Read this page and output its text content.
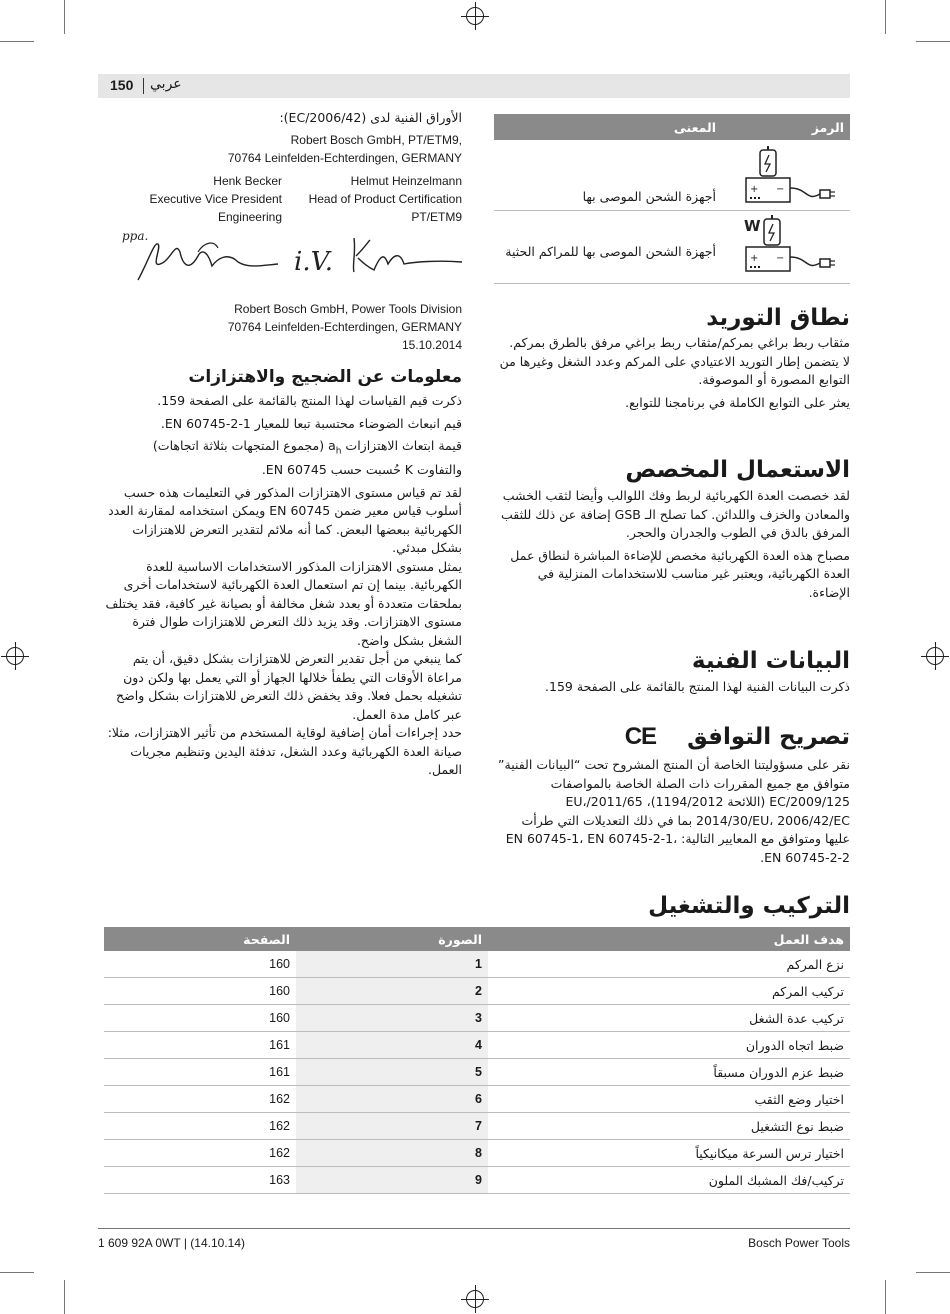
150 عربي
الأوراق الفنية لدى (2006/42/EC):
Robert Bosch GmbH, PT/ETM9,
70764 Leinfelden-Echterdingen, GERMANY
Henk Becker
Executive Vice President
Engineering
Helmut Heinzelmann
Head of Product Certification
PT/ETM9
ppa.
i.V.
Robert Bosch GmbH, Power Tools Division
70764 Leinfelden-Echterdingen, GERMANY
15.10.2014
معلومات عن الضجيج والاهتزازات
ذكرت قيم القياسات لهذا المنتج بالقائمة على الصفحة 159.
قيم انبعاث الضوضاء محتسبة تبعا للمعيار EN 60745-2-1.
قيمة ابتعاث الاهتزازات $a_h$ (مجموع المتجهات بثلاثة اتجاهات) والتفاوت K حُسبت حسب EN 60745.
لقد تم قياس مستوى الاهتزازات المذكور في التعليمات هذه حسب أسلوب قياس معير ضمن EN 60745 ويمكن استخدامه لمقارنة العدد الكهربائية ببعضها البعض. كما أنه ملائم لتقدير التعرض للاهتزازات بشكل مبدئي.
يمثل مستوى الاهتزازات المذكور الاستخدامات الاساسية للعدة الكهربائية. بينما إن تم استعمال العدة الكهربائية لاستخدامات أخرى بملحقات متعددة أو بعدد شغل مخالفة أو بصيانة غير كافية، فقد يختلف مستوى الاهتزازات. وقد يزيد ذلك التعرض للاهتزازات طوال فترة الشغل بشكل واضح.
كما ينبغي من أجل تقدير التعرض للاهتزازات بشكل دقيق، أن يتم مراعاة الأوقات التي يطفأ خلالها الجهاز أو التي يعمل بها ولكن دون تشغيله بحمل فعلا. وقد يخفض ذلك التعرض للاهتزازات بشكل واضح عبر كامل مدة العمل.
حدد إجراءات أمان إضافية لوقاية المستخدم من تأثير الاهتزازات، مثلا: صيانة العدة الكهربائية وعدد الشغل، تدفئة اليدين وتنظيم مجريات العمل.
الرمز
المعنى
+ −
أجهزة الشحن الموصى بها
W
+ −
أجهزة الشحن الموصى بها للمراكم الحثية
نطاق التوريد
مثقاب ربط براغي بمركم/مثقاب ربط براغي مرفق بالطرق بمركم.
لا يتضمن إطار التوريد الاعتيادي على المركم وعدد الشغل وغيرها من التوابع المصورة أو الموصوفة.
يعثر على التوابع الكاملة في برنامجنا للتوابع.
الاستعمال المخصص
لقد خصصت العدة الكهربائية لربط وفك اللوالب وأيضا لثقب الخشب والمعادن والخزف واللدائن. كما تصلح الـ GSB إضافة عن ذلك للثقب المرفق بالدق في الطوب والجدران والحجر.
مصباح هذه العدة الكهربائية مخصص للإضاءة المباشرة لنطاق عمل العدة الكهربائية، ويعتبر غير مناسب للاستخدامات المنزلية في الإضاءة.
البيانات الفنية
ذكرت البيانات الفنية لهذا المنتج بالقائمة على الصفحة 159.
تصريح التوافق CE
نقر على مسؤوليتنا الخاصة أن المنتج المشروح تحت “البيانات الفنية” متوافق مع جميع المقررات ذات الصلة الخاصة بالمواصفات 2009/125/EC (اللائحة 1194/2012)، 2011/65/EU، 2014/30/EU، 2006/42/EC بما في ذلك التعديلات التي طرأت عليها ومتوافق مع المعايير التالية: EN 60745-1، EN 60745-2-1، EN 60745-2-2.
التركيب والتشغيل
الصفحة	الصورة	هدف العمل
160	1	نزع المركم
160	2	تركيب المركم
160	3	تركيب عدة الشغل
161	4	ضبط اتجاه الدوران
161	5	ضبط عزم الدوران مسبقاً
162	6	اختيار وضع الثقب
162	7	ضبط نوع التشغيل
162	8	اختيار ترس السرعة ميكانيكياً
163	9	تركيب/فك المشبك الملون
1 609 92A 0WT | (14.10.14)	Bosch Power Tools
